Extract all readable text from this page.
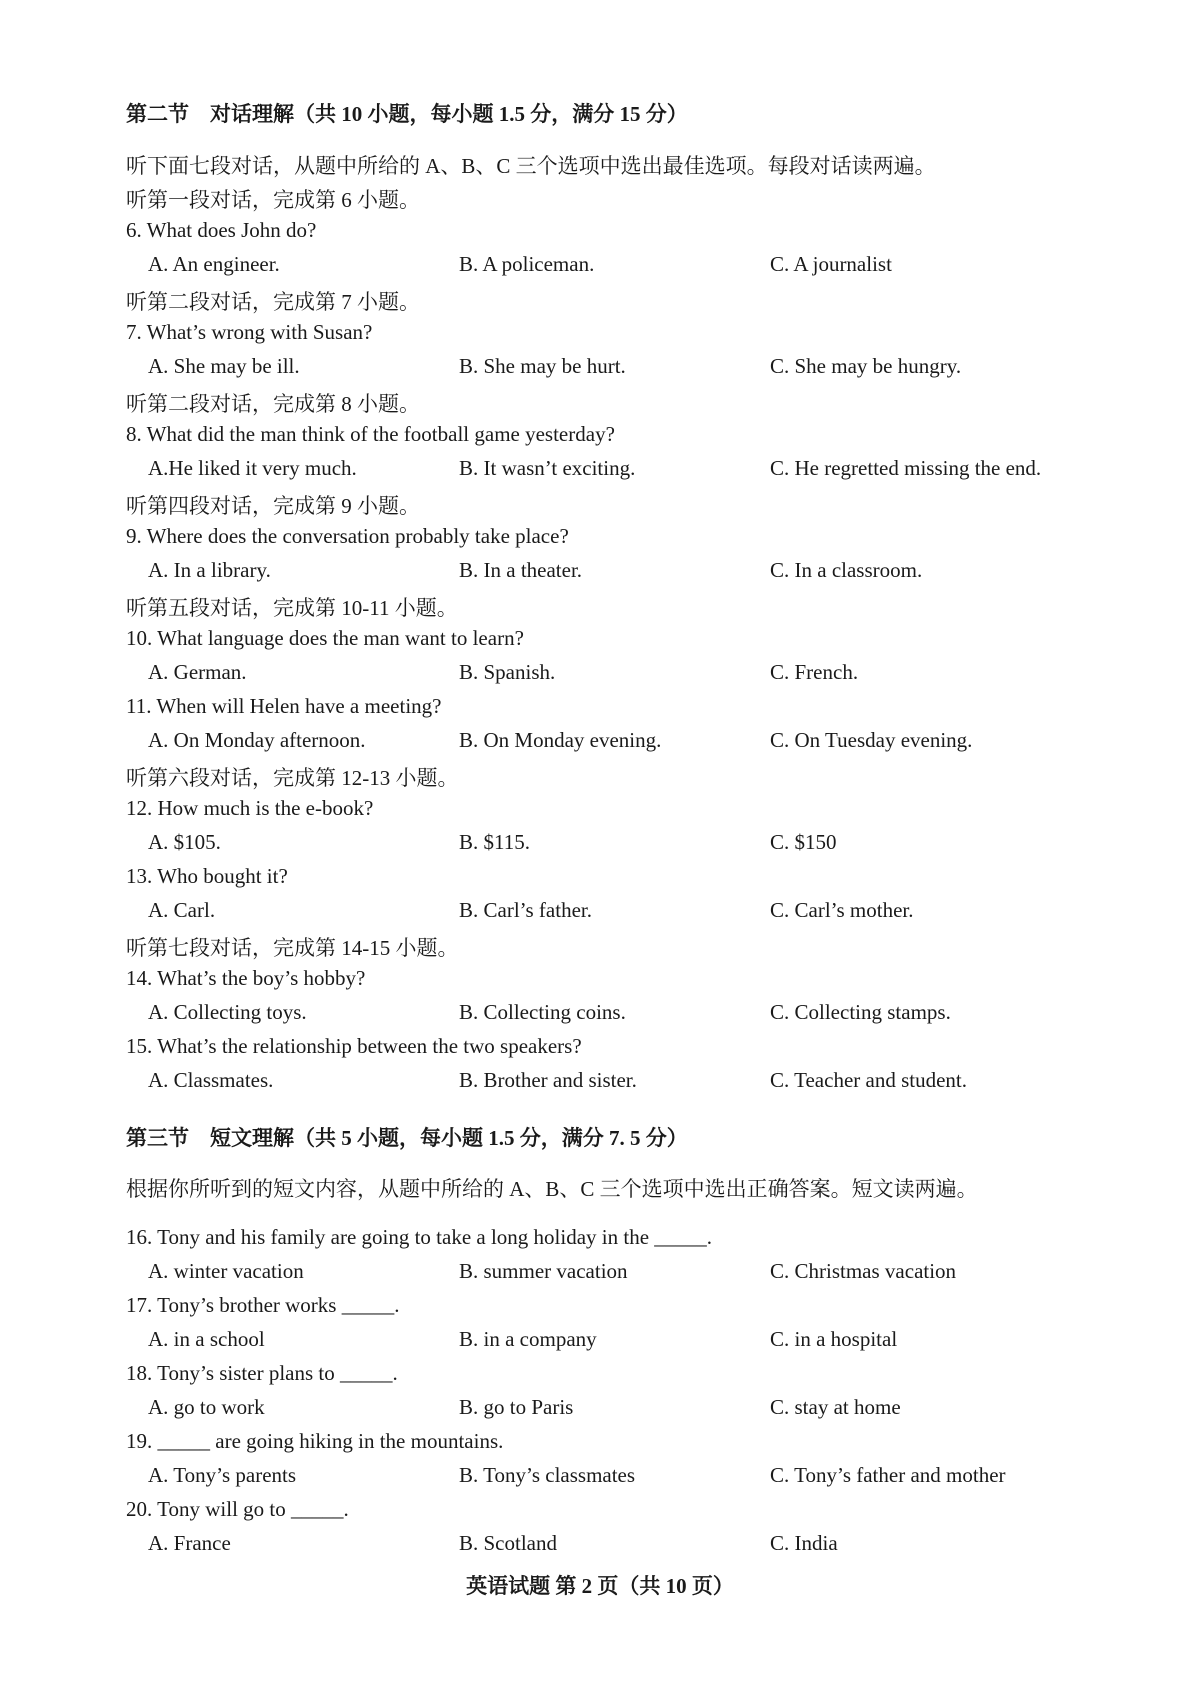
第二节　对话理解（共 10 小题，每小题 1.5 分，满分 15 分）
听下面七段对话，从题中所给的 A、B、C 三个选项中选出最佳选项。每段对话读两遍。
听第一段对话，完成第 6 小题。
6. What does John do?
A. An engineer.	B. A policeman.	C. A journalist
听第二段对话，完成第 7 小题。
7. What’s wrong with Susan?
A. She may be ill.	B. She may be hurt.	C. She may be hungry.
听第二段对话，完成第 8 小题。
8. What did the man think of the football game yesterday?
A.He liked it very much.	B. It wasn’t exciting.	C. He regretted missing the end.
听第四段对话，完成第 9 小题。
9. Where does the conversation probably take place?
A. In a library.	B. In a theater.	C. In a classroom.
听第五段对话，完成第 10-11 小题。
10. What language does the man want to learn?
A. German.	B. Spanish.	C. French.
11. When will Helen have a meeting?
A. On Monday afternoon.	B. On Monday evening.	C. On Tuesday evening.
听第六段对话，完成第 12-13 小题。
12. How much is the e-book?
A. $105.	B. $115.	C. $150
13. Who bought it?
A. Carl.	B. Carl’s father.	C. Carl’s mother.
听第七段对话，完成第 14-15 小题。
14. What’s the boy’s hobby?
A. Collecting toys.	B. Collecting coins.	C. Collecting stamps.
15. What’s the relationship between the two speakers?
A. Classmates.	B. Brother and sister.	C. Teacher and student.
第三节　短文理解（共 5 小题，每小题 1.5 分，满分 7. 5 分）
根据你所听到的短文内容，从题中所给的 A、B、C 三个选项中选出正确答案。短文读两遍。
16. Tony and his family are going to take a long holiday in the _____.
A. winter vacation	B. summer vacation	C. Christmas vacation
17. Tony’s brother works _____.
A. in a school	B. in a company	C. in a hospital
18. Tony’s sister plans to _____.
A. go to work	B. go to Paris	C. stay at home
19. _____ are going hiking in the mountains.
A. Tony’s parents	B. Tony’s classmates	C. Tony’s father and mother
20. Tony will go to _____.
A. France	B. Scotland	C. India
英语试题 第 2 页（共 10 页）
